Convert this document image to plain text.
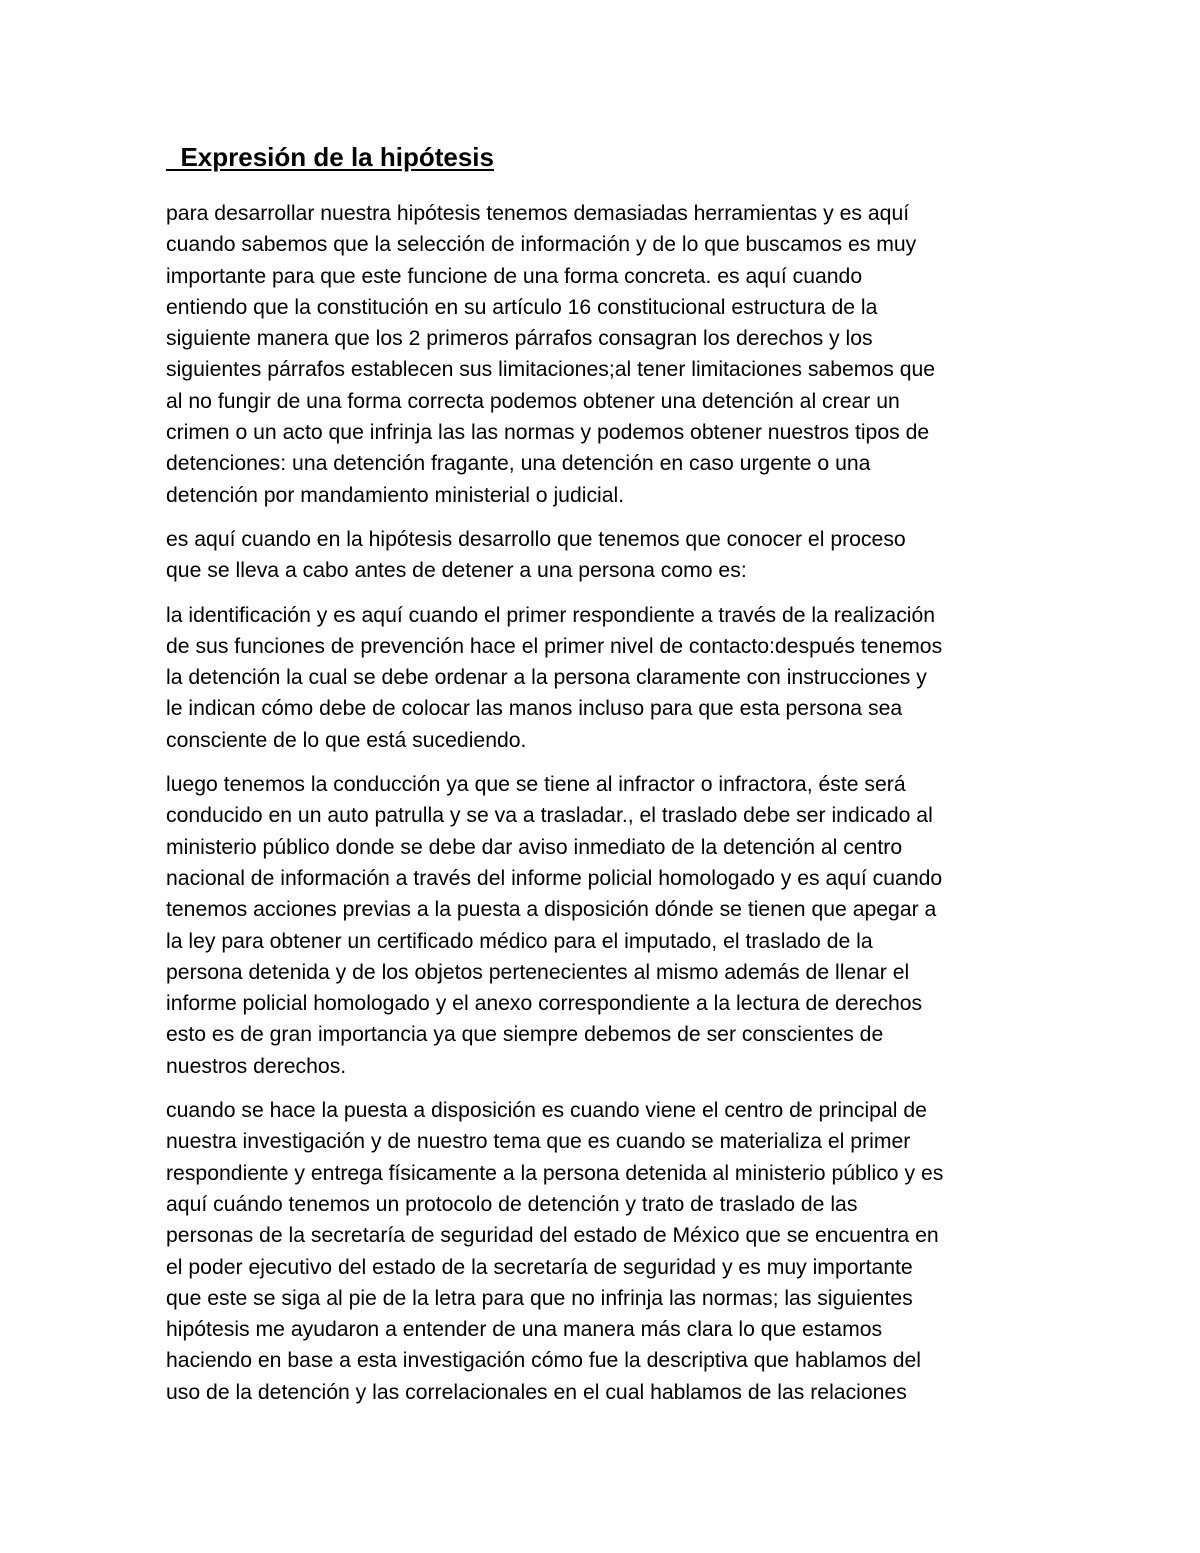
Expresión de la hipótesis

para desarrollar nuestra hipótesis tenemos demasiadas herramientas y es aquí
cuando sabemos que la selección de información y de lo que buscamos es muy
importante para que este funcione de una forma concreta. es aquí cuando
entiendo que la constitución en su artículo 16 constitucional estructura de la
siguiente manera que los 2 primeros párrafos consagran los derechos y los
siguientes párrafos establecen sus limitaciones;al tener limitaciones sabemos que
al no fungir de una forma correcta podemos obtener una detención al crear un
crimen o un acto que infrinja las las normas y podemos obtener nuestros tipos de
detenciones: una detención fragante, una detención en caso urgente o una
detención por mandamiento ministerial o judicial.

es aquí cuando en la hipótesis desarrollo que tenemos que conocer el proceso
que se lleva a cabo antes de detener a una persona como es:

la identificación y es aquí cuando el primer respondiente a través de la realización
de sus funciones de prevención hace el primer nivel de contacto:después tenemos
la detención la cual se debe ordenar a la persona claramente con instrucciones y
le indican cómo debe de colocar las manos incluso para que esta persona sea
consciente de lo que está sucediendo.

luego tenemos la conducción ya que se tiene al infractor o infractora, éste será
conducido en un auto patrulla y se va a trasladar., el traslado debe ser indicado al
ministerio público donde se debe dar aviso inmediato de la detención al centro
nacional de información a través del informe policial homologado y es aquí cuando
tenemos acciones previas a la puesta a disposición dónde se tienen que apegar a
la ley para obtener un certificado médico para el imputado, el traslado de la
persona detenida y de los objetos pertenecientes al mismo además de llenar el
informe policial homologado y el anexo correspondiente a la lectura de derechos
esto es de gran importancia ya que siempre debemos de ser conscientes de
nuestros derechos.

cuando se hace la puesta a disposición es cuando viene el centro de principal de
nuestra investigación y de nuestro tema que es cuando se materializa el primer
respondiente y entrega físicamente a la persona detenida al ministerio público y es
aquí cuándo tenemos un protocolo de detención y trato de traslado de las
personas de la secretaría de seguridad del estado de México que se encuentra en
el poder ejecutivo del estado de la secretaría de seguridad y es muy importante
que este se siga al pie de la letra para que no infrinja las normas; las siguientes
hipótesis me ayudaron a entender de una manera más clara lo que estamos
haciendo en base a esta investigación cómo fue la descriptiva que hablamos del
uso de la detención y las correlacionales en el cual hablamos de las relaciones
